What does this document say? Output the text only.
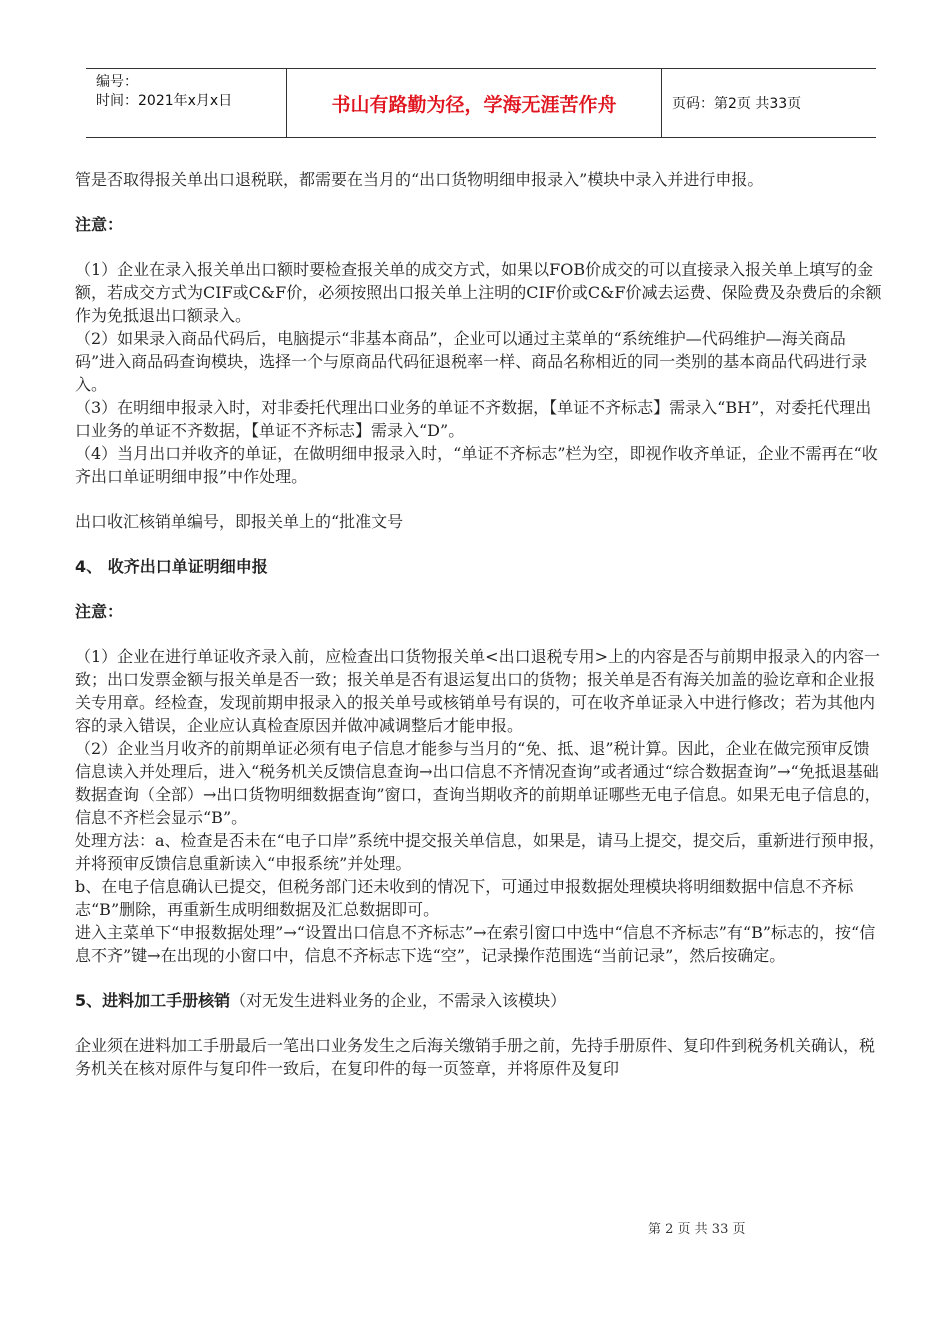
编号：
时间：2021年x月x日	书山有路勤为径，学海无涯苦作舟	页码：第2页 共33页

管是否取得报关单出口退税联，都需要在当月的“出口货物明细申报录入”模块中录入并进行申报。

注意：

（1）企业在录入报关单出口额时要检查报关单的成交方式，如果以FOB价成交的可以直接录入报关单上填写的金额，若成交方式为CIF或C&F价，必须按照出口报关单上注明的CIF价或C&F价减去运费、保险费及杂费后的余额作为免抵退出口额录入。

（2）如果录入商品代码后，电脑提示“非基本商品”，企业可以通过主菜单的“系统维护—代码维护—海关商品码”进入商品码查询模块，选择一个与原商品代码征退税率一样、商品名称相近的同一类别的基本商品代码进行录入。

（3）在明细申报录入时，对非委托代理出口业务的单证不齐数据，【单证不齐标志】需录入“BH”，对委托代理出口业务的单证不齐数据，【单证不齐标志】需录入“D”。

（4）当月出口并收齐的单证，在做明细申报录入时，“单证不齐标志”栏为空，即视作收齐单证，企业不需再在“收齐出口单证明细申报”中作处理。

出口收汇核销单编号，即报关单上的“批准文号

4、 收齐出口单证明细申报

注意：

（1）企业在进行单证收齐录入前，应检查出口货物报关单<出口退税专用>上的内容是否与前期申报录入的内容一致；出口发票金额与报关单是否一致；报关单是否有退运复出口的货物；报关单是否有海关加盖的验讫章和企业报关专用章。经检查，发现前期申报录入的报关单号或核销单号有误的，可在收齐单证录入中进行修改；若为其他内容的录入错误，企业应认真检查原因并做冲减调整后才能申报。

（2）企业当月收齐的前期单证必须有电子信息才能参与当月的“免、抵、退”税计算。因此，企业在做完预审反馈信息读入并处理后，进入“税务机关反馈信息查询→出口信息不齐情况查询”或者通过“综合数据查询”→“免抵退基础数据查询（全部）→出口货物明细数据查询”窗口，查询当期收齐的前期单证哪些无电子信息。如果无电子信息的，信息不齐栏会显示“B”。

处理方法：a、检查是否未在“电子口岸”系统中提交报关单信息，如果是，请马上提交，提交后，重新进行预申报，并将预审反馈信息重新读入“申报系统”并处理。

b、在电子信息确认已提交，但税务部门还未收到的情况下，可通过申报数据处理模块将明细数据中信息不齐标志“B”删除，再重新生成明细数据及汇总数据即可。

进入主菜单下“申报数据处理”→“设置出口信息不齐标志”→在索引窗口中选中“信息不齐标志”有“B”标志的，按“信息不齐”键→在出现的小窗口中，信息不齐标志下选“空”，记录操作范围选“当前记录”，然后按确定。

5、进料加工手册核销（对无发生进料业务的企业，不需录入该模块）

企业须在进料加工手册最后一笔出口业务发生之后海关缴销手册之前，先持手册原件、复印件到税务机关确认，税务机关在核对原件与复印件一致后，在复印件的每一页签章，并将原件及复印

第 2 页 共 33 页
